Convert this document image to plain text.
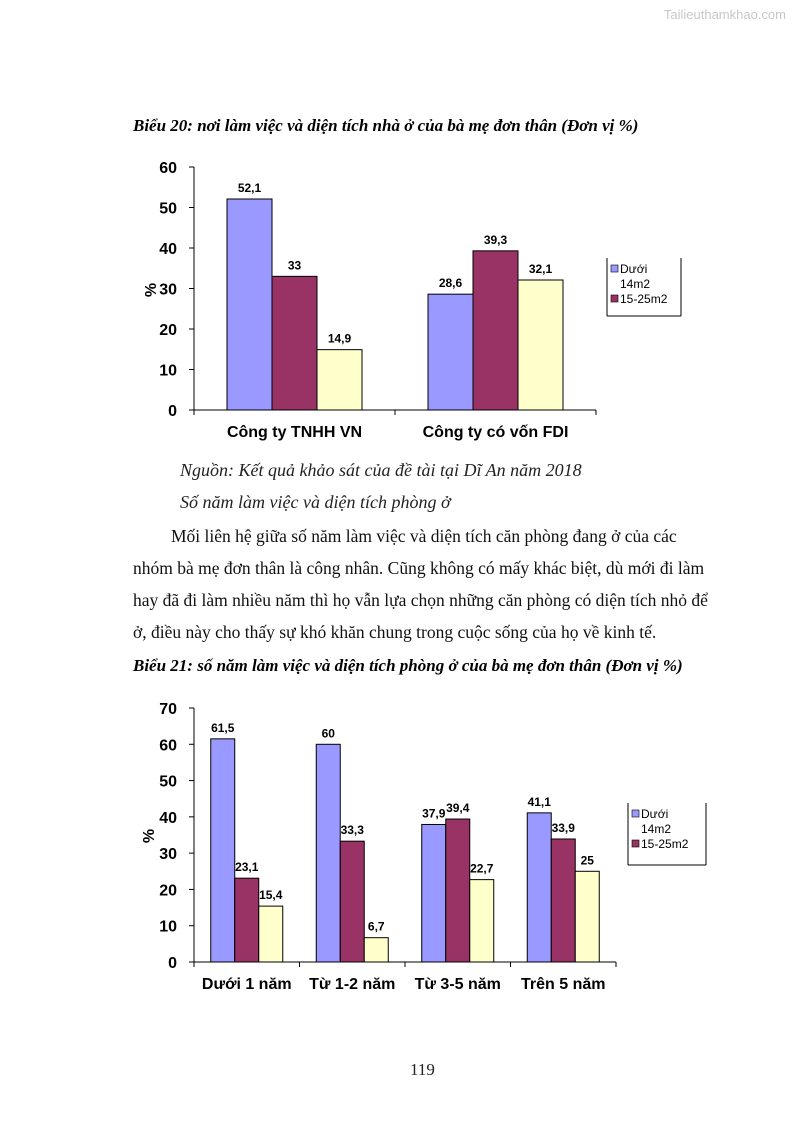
Tailieuthamkhao.com
Biểu 20: nơi làm việc và diện tích nhà ở của bà mẹ đơn thân (Đơn vị %)
0
10
20
30
40
50
60
%
52,1
33
14,9
Công ty TNHH VN
28,6
39,3
32,1
Công ty có vốn FDI
Dưới
14m2
15-25m2
Nguồn: Kết quả khảo sát của đề tài tại Dĩ An năm 2018
Số năm làm việc và diện tích phòng ở
Mối liên hệ giữa số năm làm việc và diện tích căn phòng đang ở của các
nhóm bà mẹ đơn thân là công nhân. Cũng không có mấy khác biệt, dù mới đi làm
hay đã đi làm nhiều năm thì họ vẫn lựa chọn những căn phòng có diện tích nhỏ để
ở, điều này cho thấy sự khó khăn chung trong cuộc sống của họ về kinh tế.
Biểu 21: số năm làm việc và diện tích phòng ở của bà mẹ đơn thân (Đơn vị %)
0
10
20
30
40
50
60
70
%
61,5
23,1
15,4
Dưới 1 năm
60
33,3
6,7
Từ 1-2 năm
37,9 39,4
22,7
Từ 3-5 năm
41,1
33,9
25
Trên 5 năm
Dưới
14m2
15-25m2
119
